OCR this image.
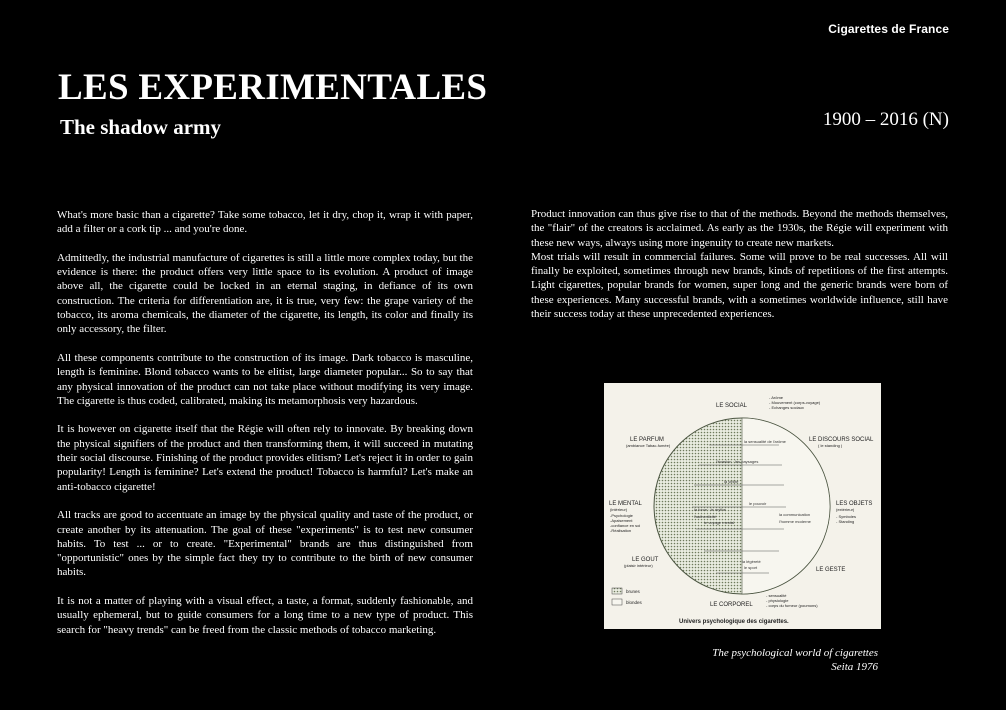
Cigarettes de France
LES EXPERIMENTALES
The shadow army	1900 – 2016 (N)

What's more basic than a cigarette? Take some tobacco, let it dry, chop it, wrap it with paper, add a filter or a cork tip ... and you're done.

Admittedly, the industrial manufacture of cigarettes is still a little more complex today, but the evidence is there: the product offers very little space to its evolution. A product of image above all, the cigarette could be locked in an eternal staging, in defiance of its own construction. The criteria for differentiation are, it is true, very few: the grape variety of the tobacco, its aroma chemicals, the diameter of the cigarette, its length, its color and finally its only accessory, the filter.

All these components contribute to the construction of its image. Dark tobacco is masculine, length is feminine. Blond tobacco wants to be elitist, large diameter popular... So to say that any physical innovation of the product can not take place without modifying its very image. The cigarette is thus coded, calibrated, making its metamorphosis very hazardous.

It is however on cigarette itself that the Régie will often rely to innovate. By breaking down the physical signifiers of the product and then transforming them, it will succeed in mutating their social discourse. Finishing of the product provides elitism? Let's reject it in order to gain popularity! Length is feminine? Let's extend the product! Tobacco is harmful? Let's make an anti-tobacco cigarette!

All tracks are good to accentuate an image by the physical quality and taste of the product, or create another by its attenuation. The goal of these "experiments" is to test new consumer habits. To test ... or to create. "Experimental" brands are thus distinguished from "opportunistic" ones by the simple fact they try to contribute to the birth of new consumer habits.

It is not a matter of playing with a visual effect, a taste, a format, suddenly fashionable, and usually ephemeral, but to guide consumers for a long time to a new type of product. This search for "heavy trends" can be freed from the classic methods of tobacco marketing.

Product innovation can thus give rise to that of the methods. Beyond the methods themselves, the "flair" of the creators is acclaimed. As early as the 1930s, the Régie will experiment with these new ways, always using more ingenuity to create new markets.

Most trials will result in commercial failures. Some will prove to be real successes. All will finally be exploited, sometimes through new brands, kinds of repetitions of the first attempts. Light cigarettes, popular brands for women, super long and the generic brands were born of these experiences. Many successful brands, with a sometimes worldwide influence, still have their success today at these unprecedented experiences.

la sensualité de l'arôme
l'évasion · les paysages
la virilité
le pouvoir
la communication
l'homme moderne
la force · le mythe
l'authenticité
le voyage mental
la légèreté
le sport
LE SOCIAL
- Arôme
- Mouvement (corps-voyage)
- Echanges sociaux
LE PARFUM
(ambiance Tabac-fumée)
LE DISCOURS SOCIAL
( le standing )
LE MENTAL
(intérieur)
-Psychologie
-Apaisement
-confiance en soi
-Réalisation
LES OBJETS
(extérieur)
- Symboles
- Standing
LE GOUT
(plaisir intérieur)
LE GESTE
LE CORPOREL
- sensualité
- physiologie
- corps du fumeur (poumons)
brunes
blondes
Univers psychologique des cigarettes.
The psychological world of cigarettes
Seita 1976
